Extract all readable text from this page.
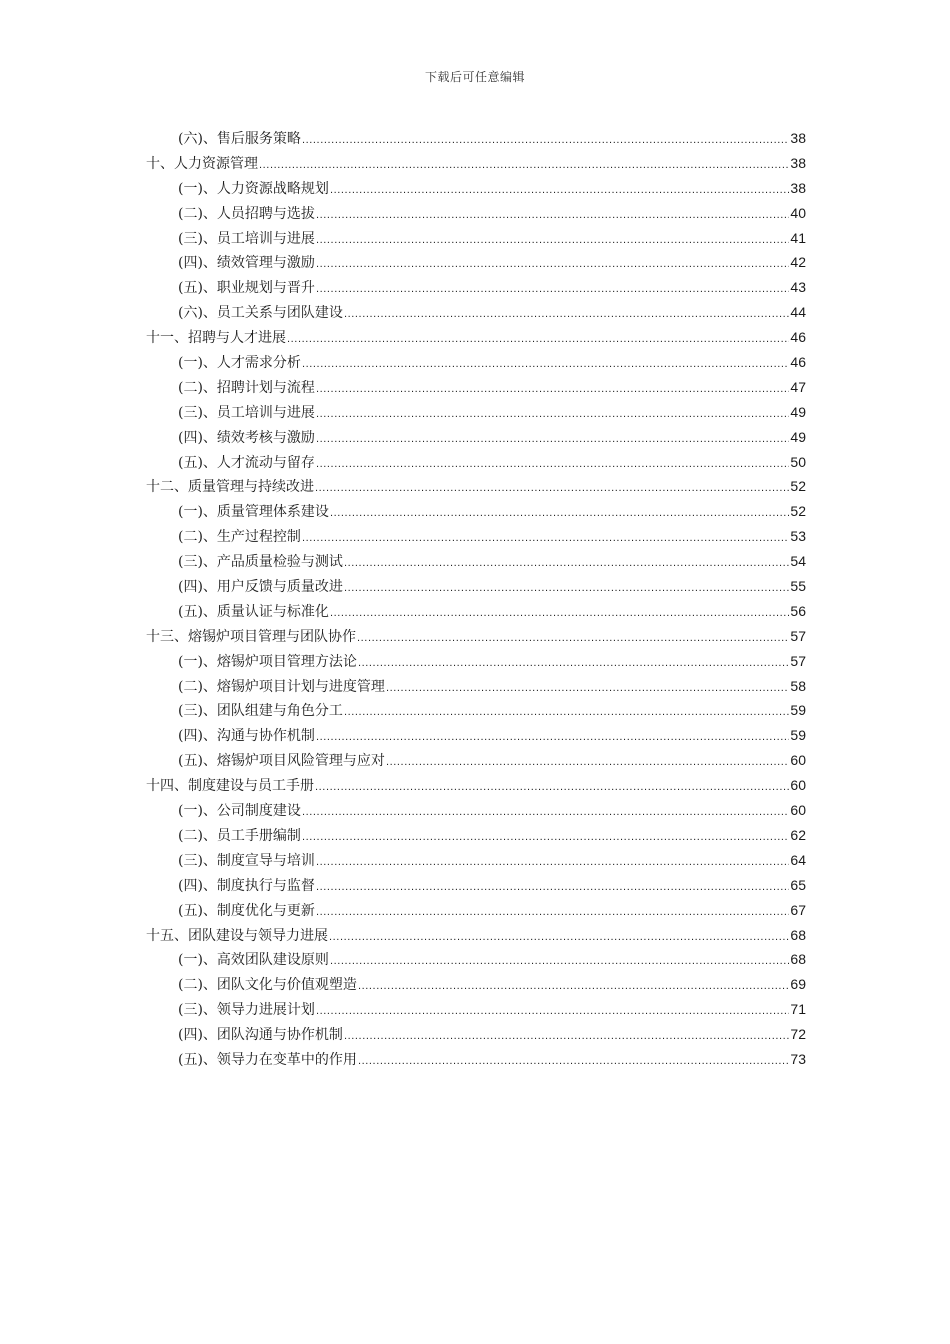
下载后可任意编辑
(六)、售后服务策略 .....	38
十、人力资源管理 .....	38
(一)、人力资源战略规划 .....	38
(二)、人员招聘与选拔 .....	40
(三)、员工培训与进展 .....	41
(四)、绩效管理与激励 .....	42
(五)、职业规划与晋升 .....	43
(六)、员工关系与团队建设 .....	44
十一、招聘与人才进展 .....	46
(一)、人才需求分析 .....	46
(二)、招聘计划与流程 .....	47
(三)、员工培训与进展 .....	49
(四)、绩效考核与激励 .....	49
(五)、人才流动与留存 .....	50
十二、质量管理与持续改进 .....	52
(一)、质量管理体系建设 .....	52
(二)、生产过程控制 .....	53
(三)、产品质量检验与测试 .....	54
(四)、用户反馈与质量改进 .....	55
(五)、质量认证与标准化 .....	56
十三、熔锡炉项目管理与团队协作 .....	57
(一)、熔锡炉项目管理方法论 .....	57
(二)、熔锡炉项目计划与进度管理 .....	58
(三)、团队组建与角色分工 .....	59
(四)、沟通与协作机制 .....	59
(五)、熔锡炉项目风险管理与应对 .....	60
十四、制度建设与员工手册 .....	60
(一)、公司制度建设 .....	60
(二)、员工手册编制 .....	62
(三)、制度宣导与培训 .....	64
(四)、制度执行与监督 .....	65
(五)、制度优化与更新 .....	67
十五、团队建设与领导力进展 .....	68
(一)、高效团队建设原则 .....	68
(二)、团队文化与价值观塑造 .....	69
(三)、领导力进展计划 .....	71
(四)、团队沟通与协作机制 .....	72
(五)、领导力在变革中的作用 .....	73
